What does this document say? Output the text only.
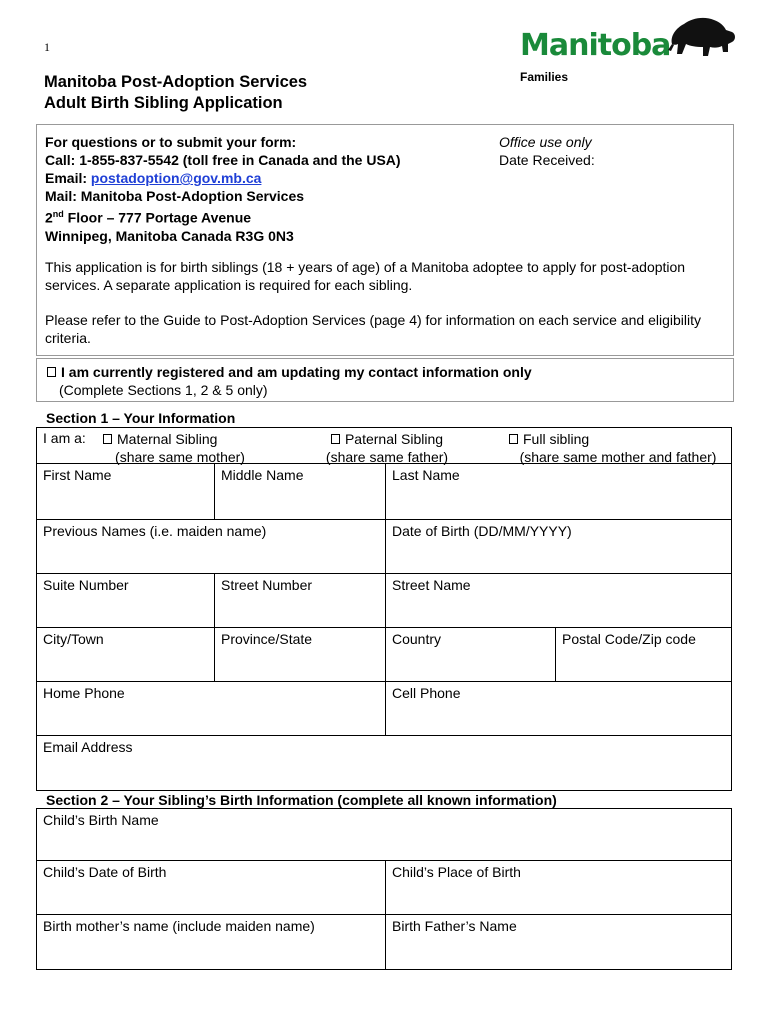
1	Manitoba
Families
Manitoba Post-Adoption Services
Adult Birth Sibling Application
For questions or to submit your form:
Call: 1-855-837-5542 (toll free in Canada and the USA)
Email: postadoption@gov.mb.ca
Mail: Manitoba Post-Adoption Services
2nd Floor – 777 Portage Avenue
Winnipeg, Manitoba Canada R3G 0N3
Office use only
Date Received:
This application is for birth siblings (18 + years of age) of a Manitoba adoptee to apply for post-adoption services. A separate application is required for each sibling.
Please refer to the Guide to Post-Adoption Services (page 4) for information on each service and eligibility criteria.
I am currently registered and am updating my contact information only
(Complete Sections 1, 2 & 5 only)
Section 1 – Your Information
I am a:	Maternal Sibling
(share same mother)
Paternal Sibling
(share same father)
Full sibling
(share same mother and father)
First Name	Middle Name	Last Name
Previous Names (i.e. maiden name)	Date of Birth (DD/MM/YYYY)
Suite Number	Street Number	Street Name
City/Town	Province/State	Country	Postal Code/Zip code
Home Phone	Cell Phone
Email Address
Section 2 – Your Sibling’s Birth Information (complete all known information)
Child’s Birth Name
Child’s Date of Birth	Child’s Place of Birth
Birth mother’s name (include maiden name)	Birth Father’s Name
